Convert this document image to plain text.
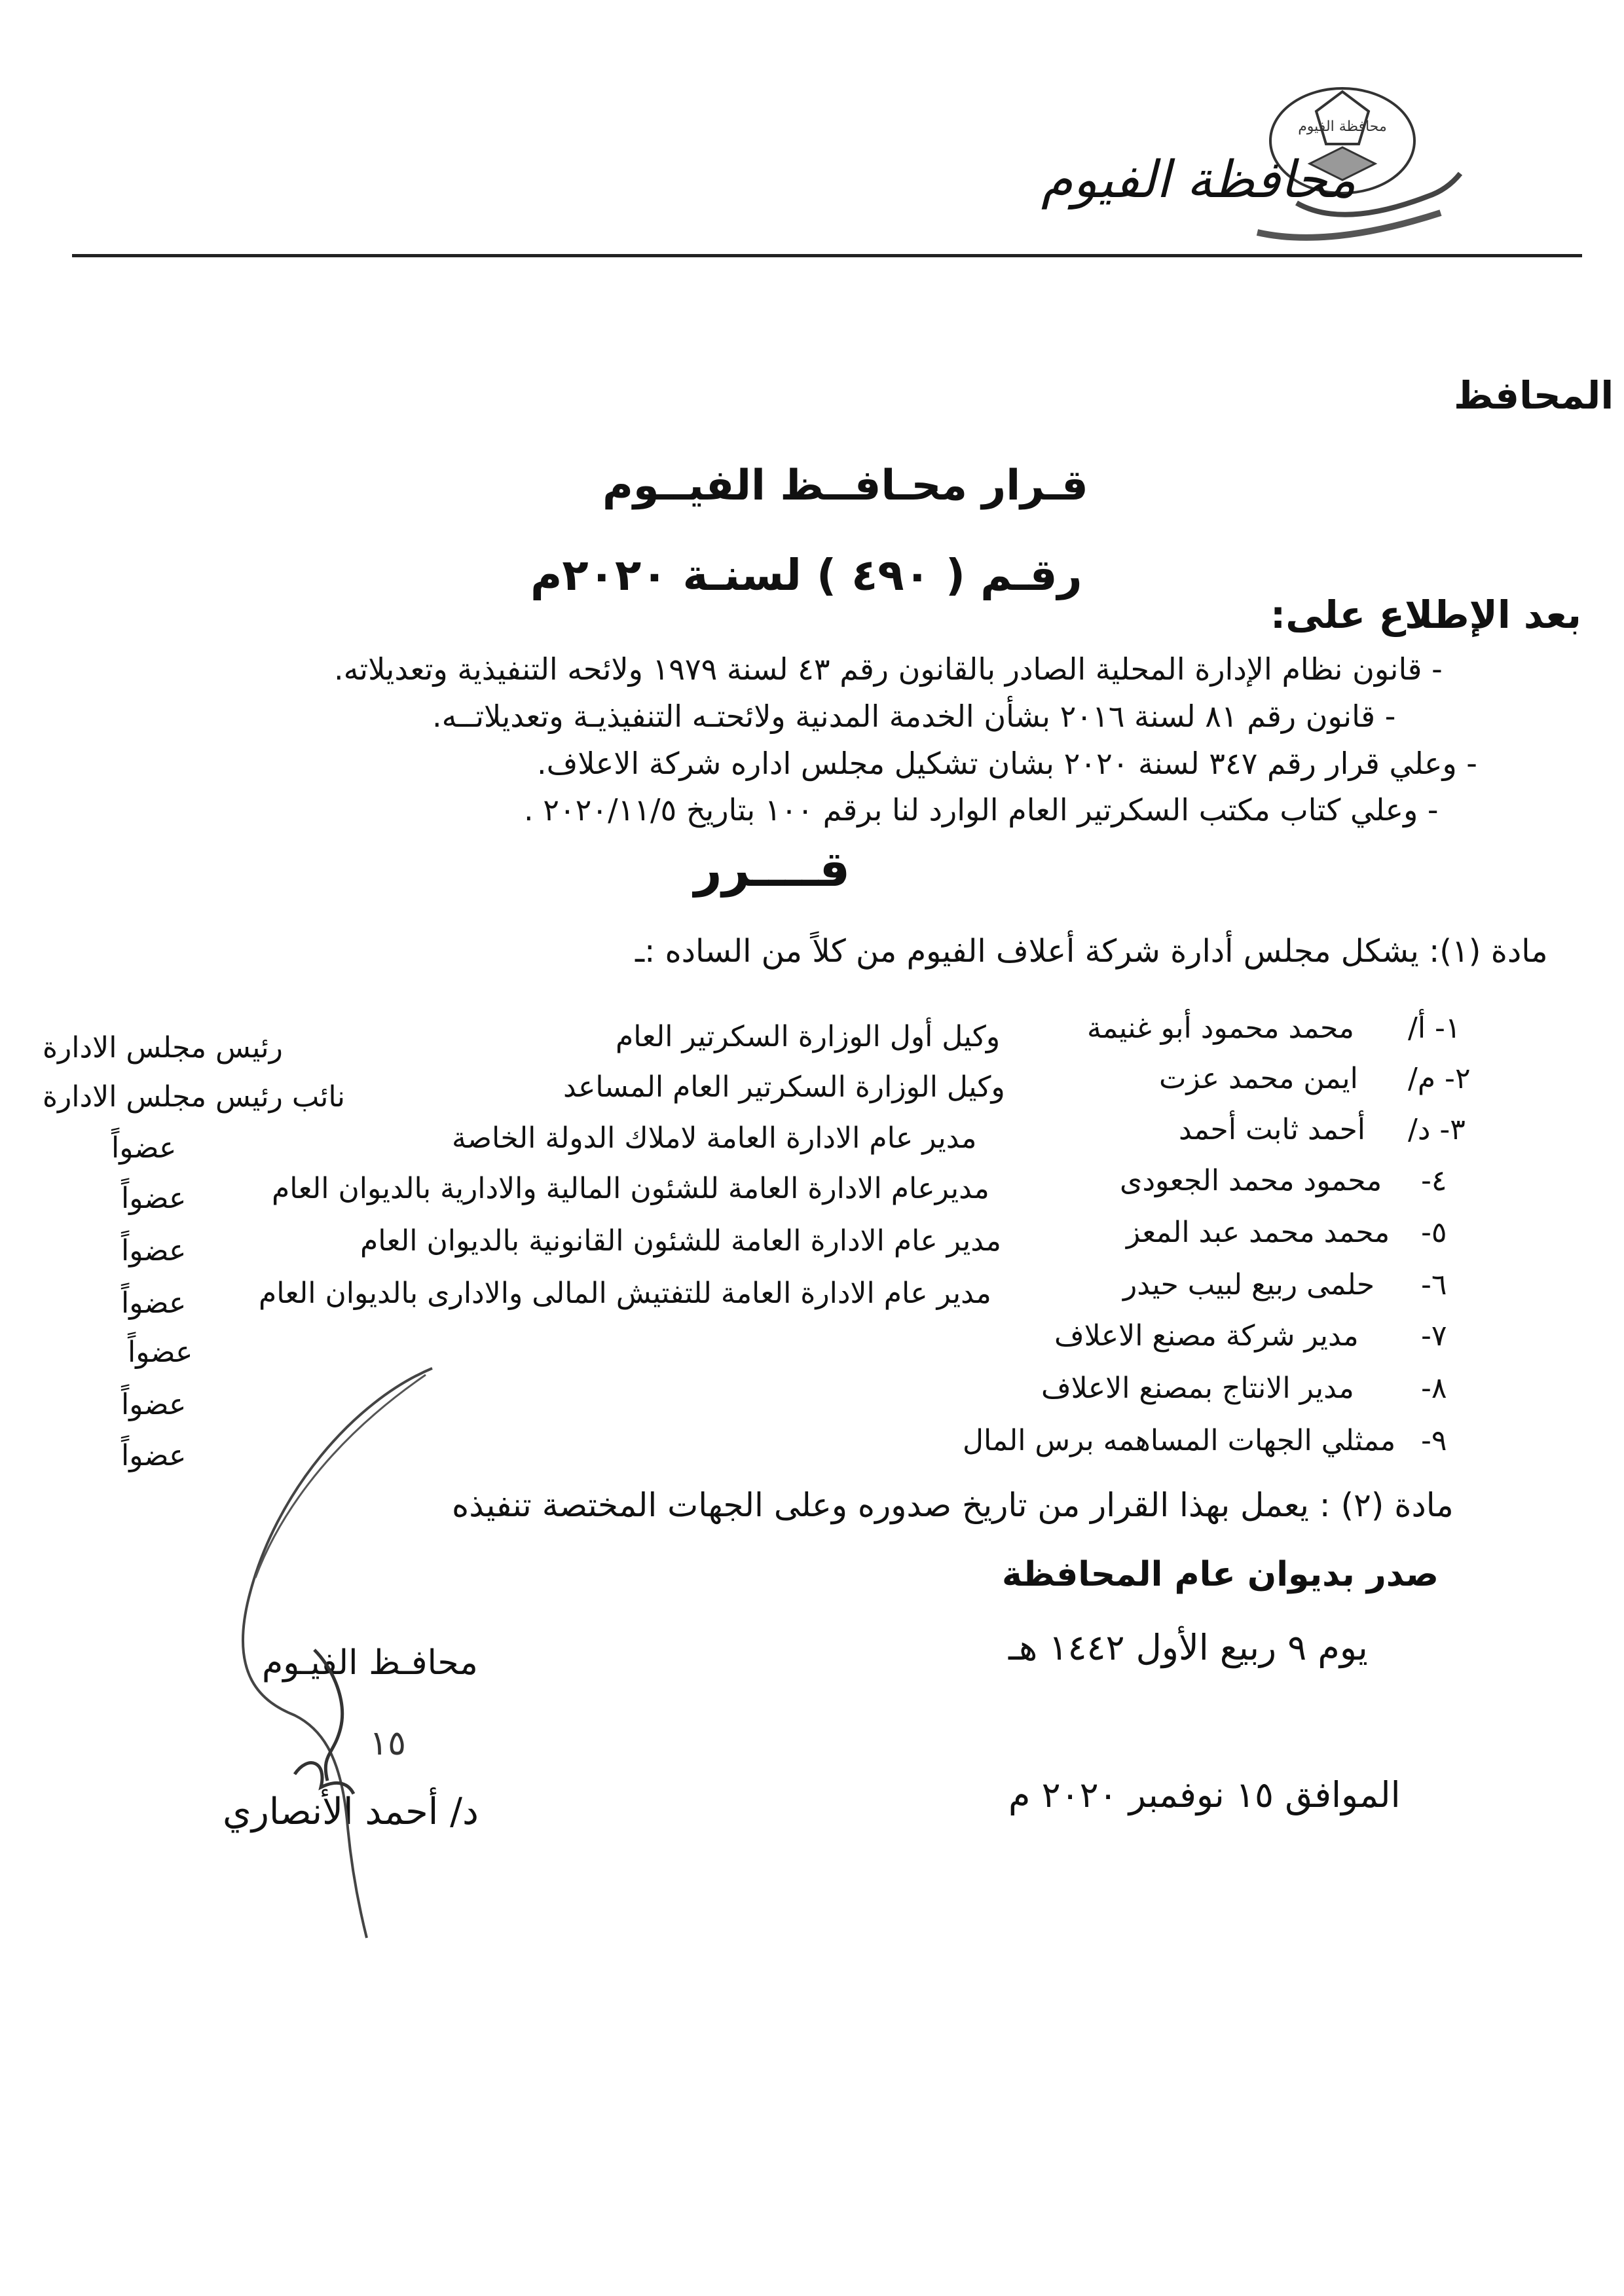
محافظة الفيوم
محافظة الفيوم
المحافظ
قـرار محـافــظ الفيــوم
رقـم ( ٤٩٠ ) لسنـة ٢٠٢٠م
بعد الإطلاع على:
- قانون نظام الإدارة المحلية الصادر بالقانون رقم ٤٣ لسنة ١٩٧٩ ولائحه التنفيذية وتعديلاته.
- قانون رقم ٨١ لسنة ٢٠١٦ بشأن الخدمة المدنية ولائحتـه التنفيذيـة وتعديلاتــه.
- وعلي قرار رقم ٣٤٧ لسنة ٢٠٢٠ بشان تشكيل مجلس اداره شركة الاعلاف.
- وعلي كتاب مكتب السكرتير العام الوارد لنا برقم ١٠٠ بتاريخ ٢٠٢٠/١١/٥ .
قــــرر
مادة (١): يشكل مجلس أدارة شركة أعلاف الفيوم من كلاً من الساده :ـ
١- أ/
محمد محمود أبو غنيمة
وكيل أول الوزارة السكرتير العام
رئيس مجلس الادارة
٢- م/
ايمن محمد عزت
وكيل الوزارة السكرتير العام المساعد
نائب رئيس مجلس الادارة
٣- د/
أحمد ثابت أحمد
مدير عام الادارة العامة لاملاك الدولة الخاصة
عضواً
٤-
محمود محمد الجعودى
مديرعام الادارة العامة للشئون المالية والادارية بالديوان العام
عضواً
٥-
محمد محمد عبد المعز
مدير عام الادارة العامة للشئون القانونية بالديوان العام
عضواً
٦-
حلمى ربيع لبيب حيدر
مدير عام الادارة العامة للتفتيش المالى والادارى بالديوان العام
عضواً
٧-
مدير شركة مصنع الاعلاف
عضواً
٨-
مدير الانتاج بمصنع الاعلاف
عضواً
٩-
ممثلي الجهات المساهمه برس المال
عضواً
مادة (٢) : يعمل بهذا القرار من تاريخ صدوره وعلى الجهات المختصة تنفيذه
صدر بديوان عام المحافظة
يوم ٩ ربيع الأول ١٤٤٢ هـ
الموافق ١٥ نوفمبر ٢٠٢٠ م
محافـظ الفيـوم
د/ أحمد الأنصاري
١٥
